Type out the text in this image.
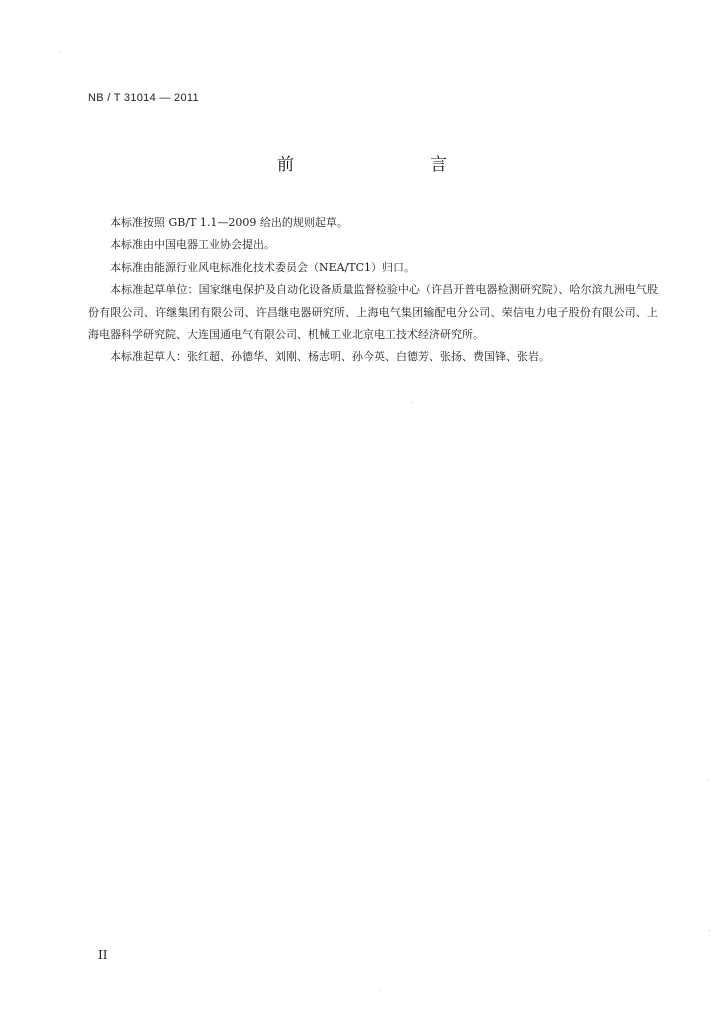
NB / T 31014 — 2011
前　　言

本标准按照 GB/T 1.1—2009 给出的规则起草。

本标准由中国电器工业协会提出。

本标准由能源行业风电标准化技术委员会（NEA/TC1）归口。

本标准起草单位：国家继电保护及自动化设备质量监督检验中心（许昌开普电器检测研究院）、哈尔滨九洲电气股份有限公司、许继集团有限公司、许昌继电器研究所、上海电气集团输配电分公司、荣信电力电子股份有限公司、上海电器科学研究院、大连国通电气有限公司、机械工业北京电工技术经济研究所。

本标准起草人：张红超、孙德华、刘刚、杨志明、孙今英、白德芳、张扬、费国锋、张岩。

II
